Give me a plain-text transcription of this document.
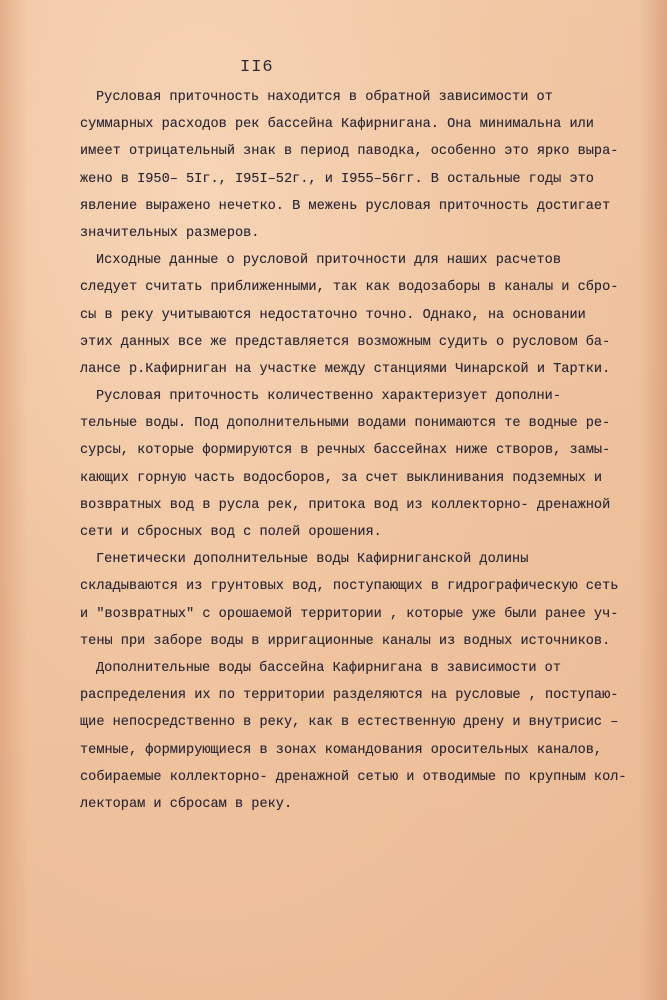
II6
Русловая приточность находится в обратной зависимости от
суммарных расходов рек бассейна Кафирнигана. Она минимальна или
имеет отрицательный знак в период паводка, особенно это ярко выра-
жено в I950– 5Iг., I95I–52г., и I955–56гг. В остальные годы это
явление выражено нечетко. В межень русловая приточность достигает
значительных размеров.
Исходные данные о русловой приточности для наших расчетов
следует считать приближенными, так как водозаборы в каналы и сбро-
сы в реку учитываются недостаточно точно. Однако, на основании
этих данных все же представляется возможным судить о русловом ба-
лансе р.Кафирниган на участке между станциями Чинарской и Тартки.
Русловая приточность количественно характеризует дополни-
тельные воды. Под дополнительными водами понимаются те водные ре-
сурсы, которые формируются в речных бассейнах ниже створов, замы-
кающих горную часть водосборов, за счет выклинивания подземных и
возвратных вод в русла рек, притока вод из коллекторно- дренажной
сети и сбросных вод с полей орошения.
Генетически дополнительные воды Кафирниганской долины
складываются из грунтовых вод, поступающих в гидрографическую сеть
и "возвратных" с орошаемой территории , которые уже были ранее уч-
тены при заборе воды в ирригационные каналы из водных источников.
Дополнительные воды бассейна Кафирнигана в зависимости от
распределения их по территории разделяются на русловые , поступаю-
щие непосредственно в реку, как в естественную дрену и внутрисис –
темные, формирующиеся в зонах командования оросительных каналов,
собираемые коллекторно- дренажной сетью и отводимые по крупным кол-
лекторам и сбросам в реку.
